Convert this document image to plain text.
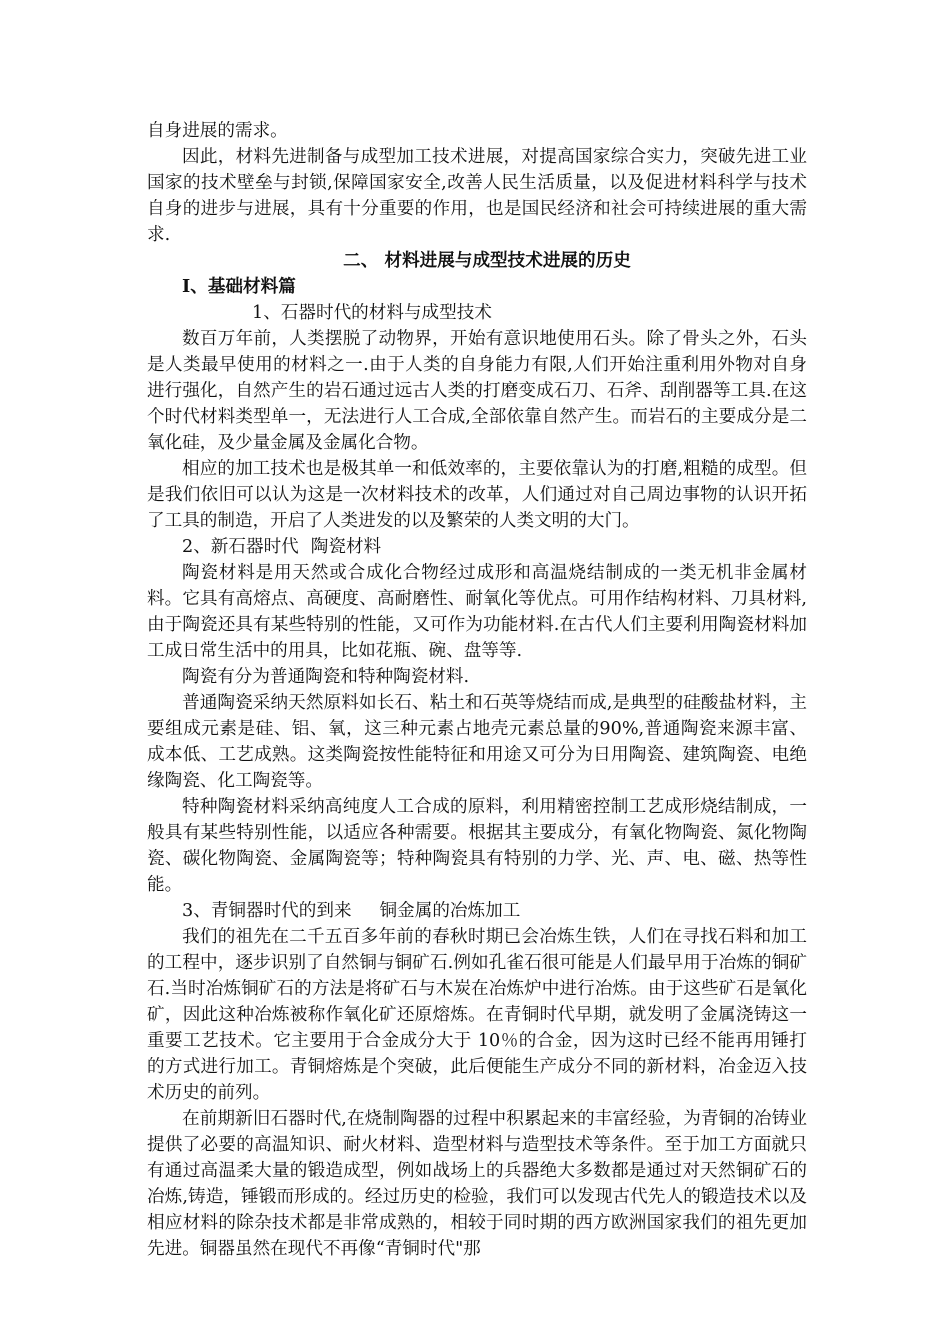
自身进展的需求。

因此，材料先进制备与成型加工技术进展，对提高国家综合实力，突破先进工业国家的技术壁垒与封锁,保障国家安全,改善人民生活质量，以及促进材料科学与技术自身的进步与进展，具有十分重要的作用，也是国民经济和社会可持续进展的重大需求.

二、 材料进展与成型技术进展的历史

Ⅰ、基础材料篇

1、石器时代的材料与成型技术

数百万年前，人类摆脱了动物界，开始有意识地使用石头。除了骨头之外，石头是人类最早使用的材料之一.由于人类的自身能力有限,人们开始注重利用外物对自身进行强化，自然产生的岩石通过远古人类的打磨变成石刀、石斧、刮削器等工具.在这个时代材料类型单一，无法进行人工合成,全部依靠自然产生。而岩石的主要成分是二氧化硅，及少量金属及金属化合物。

相应的加工技术也是极其单一和低效率的，主要依靠认为的打磨,粗糙的成型。但是我们依旧可以认为这是一次材料技术的改革，人们通过对自己周边事物的认识开拓了工具的制造，开启了人类进发的以及繁荣的人类文明的大门。

2、新石器时代 陶瓷材料

陶瓷材料是用天然或合成化合物经过成形和高温烧结制成的一类无机非金属材料。它具有高熔点、高硬度、高耐磨性、耐氧化等优点。可用作结构材料、刀具材料,由于陶瓷还具有某些特别的性能，又可作为功能材料.在古代人们主要利用陶瓷材料加工成日常生活中的用具，比如花瓶、碗、盘等等.

陶瓷有分为普通陶瓷和特种陶瓷材料.

普通陶瓷采纳天然原料如长石、粘土和石英等烧结而成,是典型的硅酸盐材料，主要组成元素是硅、铝、氧，这三种元素占地壳元素总量的90%,普通陶瓷来源丰富、成本低、工艺成熟。这类陶瓷按性能特征和用途又可分为日用陶瓷、建筑陶瓷、电绝缘陶瓷、化工陶瓷等。

特种陶瓷材料采纳高纯度人工合成的原料，利用精密控制工艺成形烧结制成，一般具有某些特别性能，以适应各种需要。根据其主要成分，有氧化物陶瓷、氮化物陶瓷、碳化物陶瓷、金属陶瓷等；特种陶瓷具有特别的力学、光、声、电、磁、热等性能。

3、青铜器时代的到来 铜金属的冶炼加工

我们的祖先在二千五百多年前的春秋时期已会冶炼生铁，人们在寻找石料和加工的工程中，逐步识别了自然铜与铜矿石.例如孔雀石很可能是人们最早用于冶炼的铜矿石.当时冶炼铜矿石的方法是将矿石与木炭在冶炼炉中进行冶炼。由于这些矿石是氧化矿，因此这种冶炼被称作氧化矿还原熔炼。在青铜时代早期，就发明了金属浇铸这一重要工艺技术。它主要用于合金成分大于 10％的合金，因为这时已经不能再用锤打的方式进行加工。青铜熔炼是个突破，此后便能生产成分不同的新材料，冶金迈入技术历史的前列。

在前期新旧石器时代,在烧制陶器的过程中积累起来的丰富经验，为青铜的冶铸业提供了必要的高温知识、耐火材料、造型材料与造型技术等条件。至于加工方面就只有通过高温柔大量的锻造成型，例如战场上的兵器绝大多数都是通过对天然铜矿石的冶炼,铸造，锤锻而形成的。经过历史的检验，我们可以发现古代先人的锻造技术以及相应材料的除杂技术都是非常成熟的，相较于同时期的西方欧洲国家我们的祖先更加先进。铜器虽然在现代不再像“青铜时代"那
